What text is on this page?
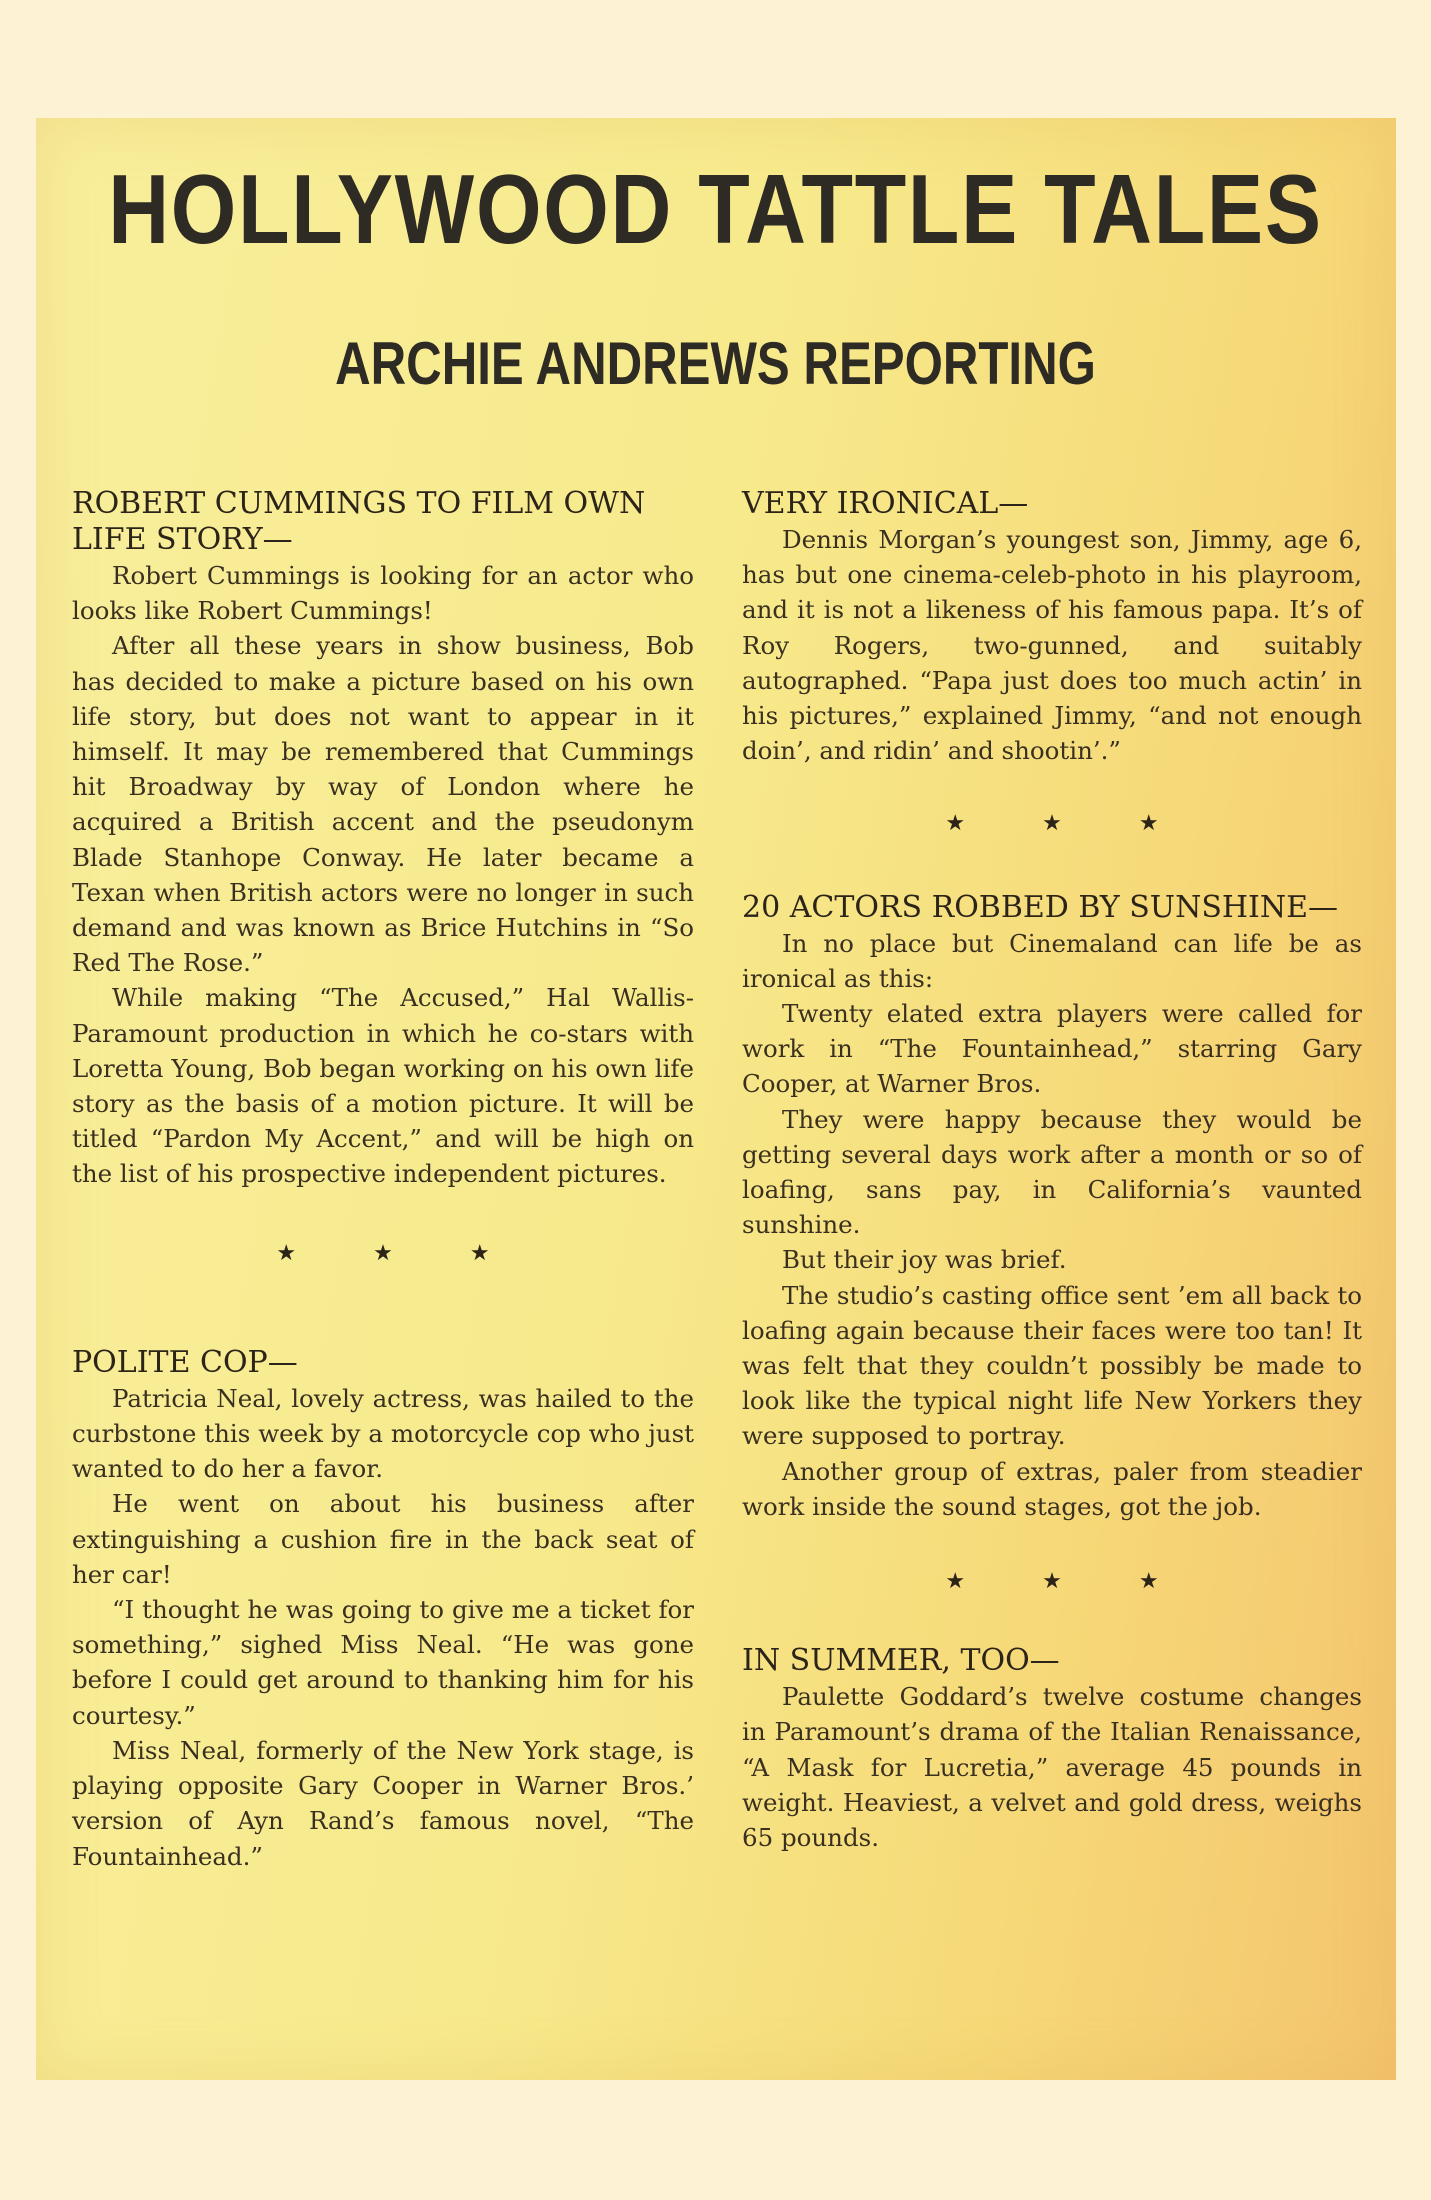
HOLLYWOOD TATTLE TALES
ARCHIE ANDREWS REPORTING
ROBERT CUMMINGS TO FILM OWN LIFE STORY—

Robert Cummings is looking for an actor who looks like Robert Cummings!

After all these years in show business, Bob has decided to make a picture based on his own life story, but does not want to appear in it himself. It may be remembered that Cummings hit Broadway by way of London where he acquired a British accent and the pseudonym Blade Stanhope Conway. He later became a Texan when British actors were no longer in such demand and was known as Brice Hutchins in “So Red The Rose.”

While making “The Accused,” Hal Wallis-Paramount production in which he co-stars with Loretta Young, Bob began working on his own life story as the basis of a motion picture. It will be titled “Pardon My Accent,” and will be high on the list of his prospective independent pictures.

★ ★ ★
POLITE COP—

Patricia Neal, lovely actress, was hailed to the curbstone this week by a motorcycle cop who just wanted to do her a favor.

He went on about his business after extinguishing a cushion fire in the back seat of her car!

“I thought he was going to give me a ticket for something,” sighed Miss Neal. “He was gone before I could get around to thanking him for his courtesy.”

Miss Neal, formerly of the New York stage, is playing opposite Gary Cooper in Warner Bros.’ version of Ayn Rand’s famous novel, “The Fountainhead.”

VERY IRONICAL—

Dennis Morgan’s youngest son, Jimmy, age 6, has but one cinema-celeb-photo in his playroom, and it is not a likeness of his famous papa. It’s of Roy Rogers, two-gunned, and suitably autographed. “Papa just does too much actin’ in his pictures,” explained Jimmy, “and not enough doin’, and ridin’ and shootin’.”

★ ★ ★
20 ACTORS ROBBED BY SUNSHINE—

In no place but Cinemaland can life be as ironical as this:

Twenty elated extra players were called for work in “The Fountainhead,” starring Gary Cooper, at Warner Bros.

They were happy because they would be getting several days work after a month or so of loafing, sans pay, in California’s vaunted sunshine.

But their joy was brief.

The studio’s casting office sent ’em all back to loafing again because their faces were too tan! It was felt that they couldn’t possibly be made to look like the typical night life New Yorkers they were supposed to portray.

Another group of extras, paler from steadier work inside the sound stages, got the job.

★ ★ ★
IN SUMMER, TOO—

Paulette Goddard’s twelve costume changes in Paramount’s drama of the Italian Renaissance, “A Mask for Lucretia,” average 45 pounds in weight. Heaviest, a velvet and gold dress, weighs 65 pounds.
